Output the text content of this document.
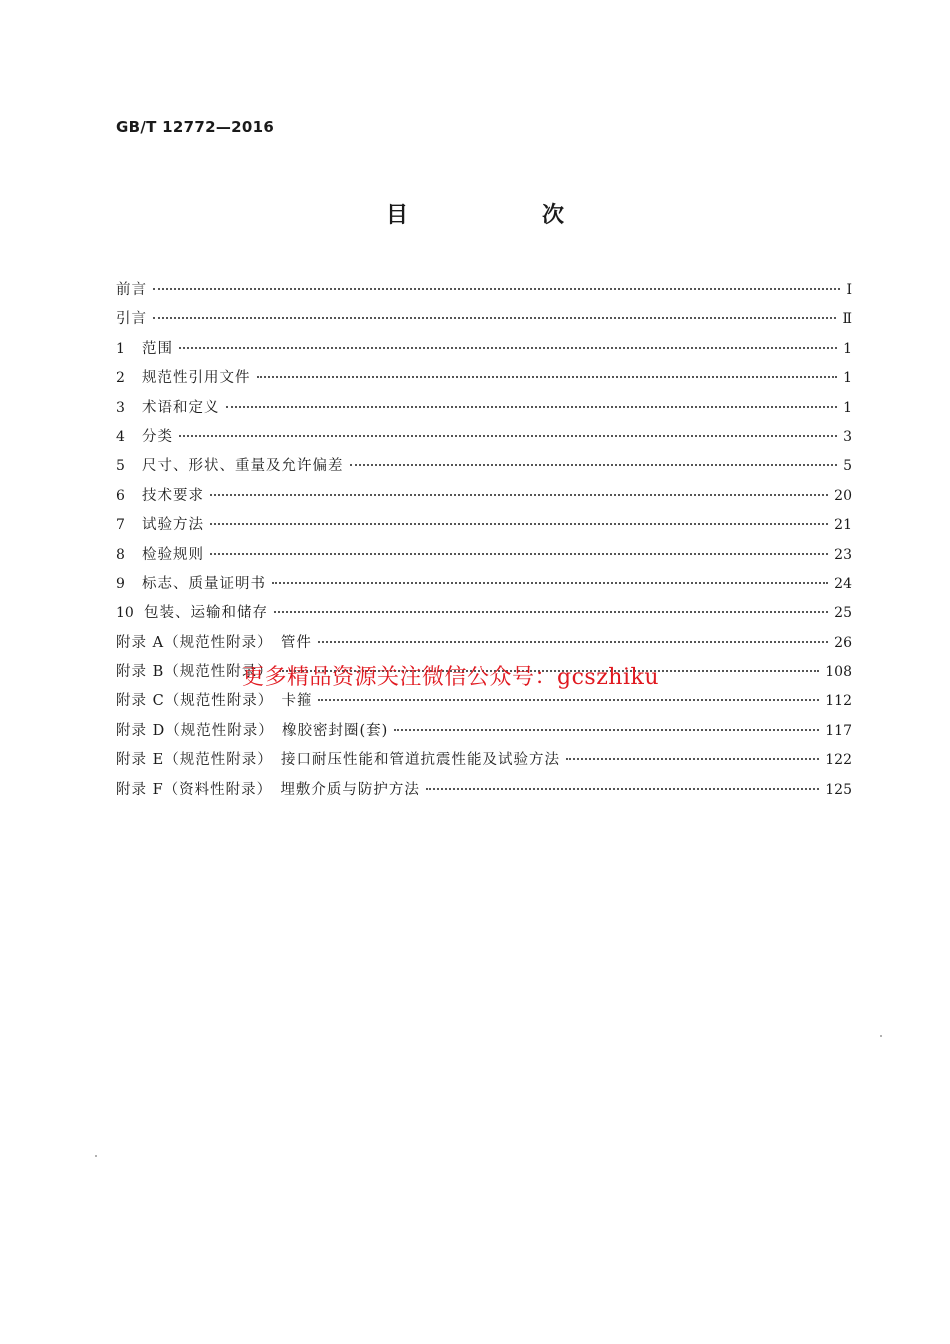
GB/T 12772—2016
目　次
前言	Ⅰ
引言	Ⅱ
1	范围	1
2	规范性引用文件	1
3	术语和定义	1
4	分类	3
5	尺寸、形状、重量及允许偏差	5
6	技术要求	20
7	试验方法	21
8	检验规则	23
9	标志、质量证明书	24
10 包装、运输和储存	25
附录 A（规范性附录）　管件	26
附录 B（规范性附录）	108
附录 C（规范性附录）　卡箍	112
附录 D（规范性附录）　橡胶密封圈(套)	117
附录 E（规范性附录）　接口耐压性能和管道抗震性能及试验方法	122
附录 F（资料性附录）　埋敷介质与防护方法	125
更多精品资源关注微信公众号：gcszhiku
